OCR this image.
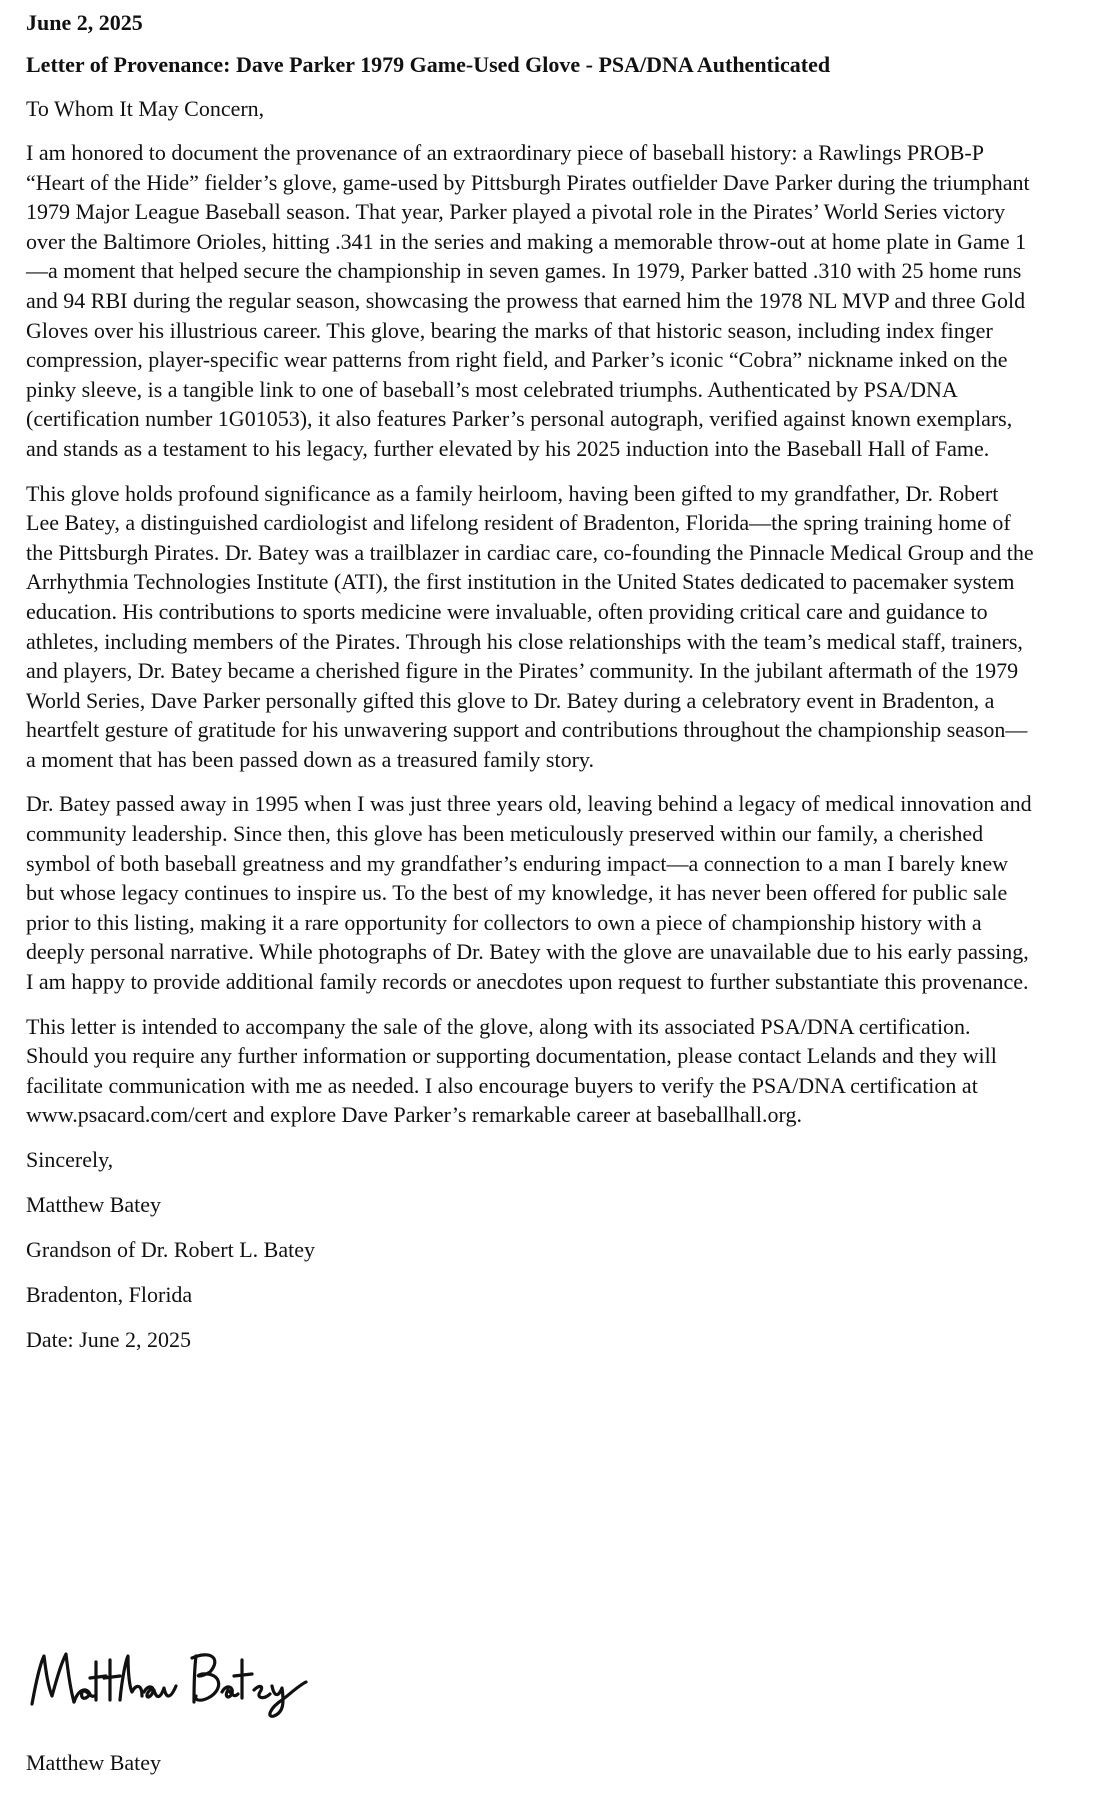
June 2, 2025
Letter of Provenance: Dave Parker 1979 Game-Used Glove - PSA/DNA Authenticated
To Whom It May Concern,

I am honored to document the provenance of an extraordinary piece of baseball history: a Rawlings PROB-P “Heart of the Hide” fielder’s glove, game-used by Pittsburgh Pirates outfielder Dave Parker during the triumphant 1979 Major League Baseball season. That year, Parker played a pivotal role in the Pirates’ World Series victory over the Baltimore Orioles, hitting .341 in the series and making a memorable throw-out at home plate in Game 1—a moment that helped secure the championship in seven games. In 1979, Parker batted .310 with 25 home runs and 94 RBI during the regular season, showcasing the prowess that earned him the 1978 NL MVP and three Gold Gloves over his illustrious career. This glove, bearing the marks of that historic season, including index finger compression, player-specific wear patterns from right field, and Parker’s iconic “Cobra” nickname inked on the pinky sleeve, is a tangible link to one of baseball’s most celebrated triumphs. Authenticated by PSA/DNA (certification number 1G01053), it also features Parker’s personal autograph, verified against known exemplars, and stands as a testament to his legacy, further elevated by his 2025 induction into the Baseball Hall of Fame.

This glove holds profound significance as a family heirloom, having been gifted to my grandfather, Dr. Robert Lee Batey, a distinguished cardiologist and lifelong resident of Bradenton, Florida—the spring training home of the Pittsburgh Pirates. Dr. Batey was a trailblazer in cardiac care, co-founding the Pinnacle Medical Group and the Arrhythmia Technologies Institute (ATI), the first institution in the United States dedicated to pacemaker system education. His contributions to sports medicine were invaluable, often providing critical care and guidance to athletes, including members of the Pirates. Through his close relationships with the team’s medical staff, trainers, and players, Dr. Batey became a cherished figure in the Pirates’ community. In the jubilant aftermath of the 1979 World Series, Dave Parker personally gifted this glove to Dr. Batey during a celebratory event in Bradenton, a heartfelt gesture of gratitude for his unwavering support and contributions throughout the championship season—a moment that has been passed down as a treasured family story.

Dr. Batey passed away in 1995 when I was just three years old, leaving behind a legacy of medical innovation and community leadership. Since then, this glove has been meticulously preserved within our family, a cherished symbol of both baseball greatness and my grandfather’s enduring impact—a connection to a man I barely knew but whose legacy continues to inspire us. To the best of my knowledge, it has never been offered for public sale prior to this listing, making it a rare opportunity for collectors to own a piece of championship history with a deeply personal narrative. While photographs of Dr. Batey with the glove are unavailable due to his early passing, I am happy to provide additional family records or anecdotes upon request to further substantiate this provenance.

This letter is intended to accompany the sale of the glove, along with its associated PSA/DNA certification. Should you require any further information or supporting documentation, please contact Lelands and they will facilitate communication with me as needed. I also encourage buyers to verify the PSA/DNA certification at www.psacard.com/cert and explore Dave Parker’s remarkable career at baseballhall.org.

Sincerely,
Matthew Batey
Grandson of Dr. Robert L. Batey
Bradenton, Florida
Date: June 2, 2025
Matthew Batey
